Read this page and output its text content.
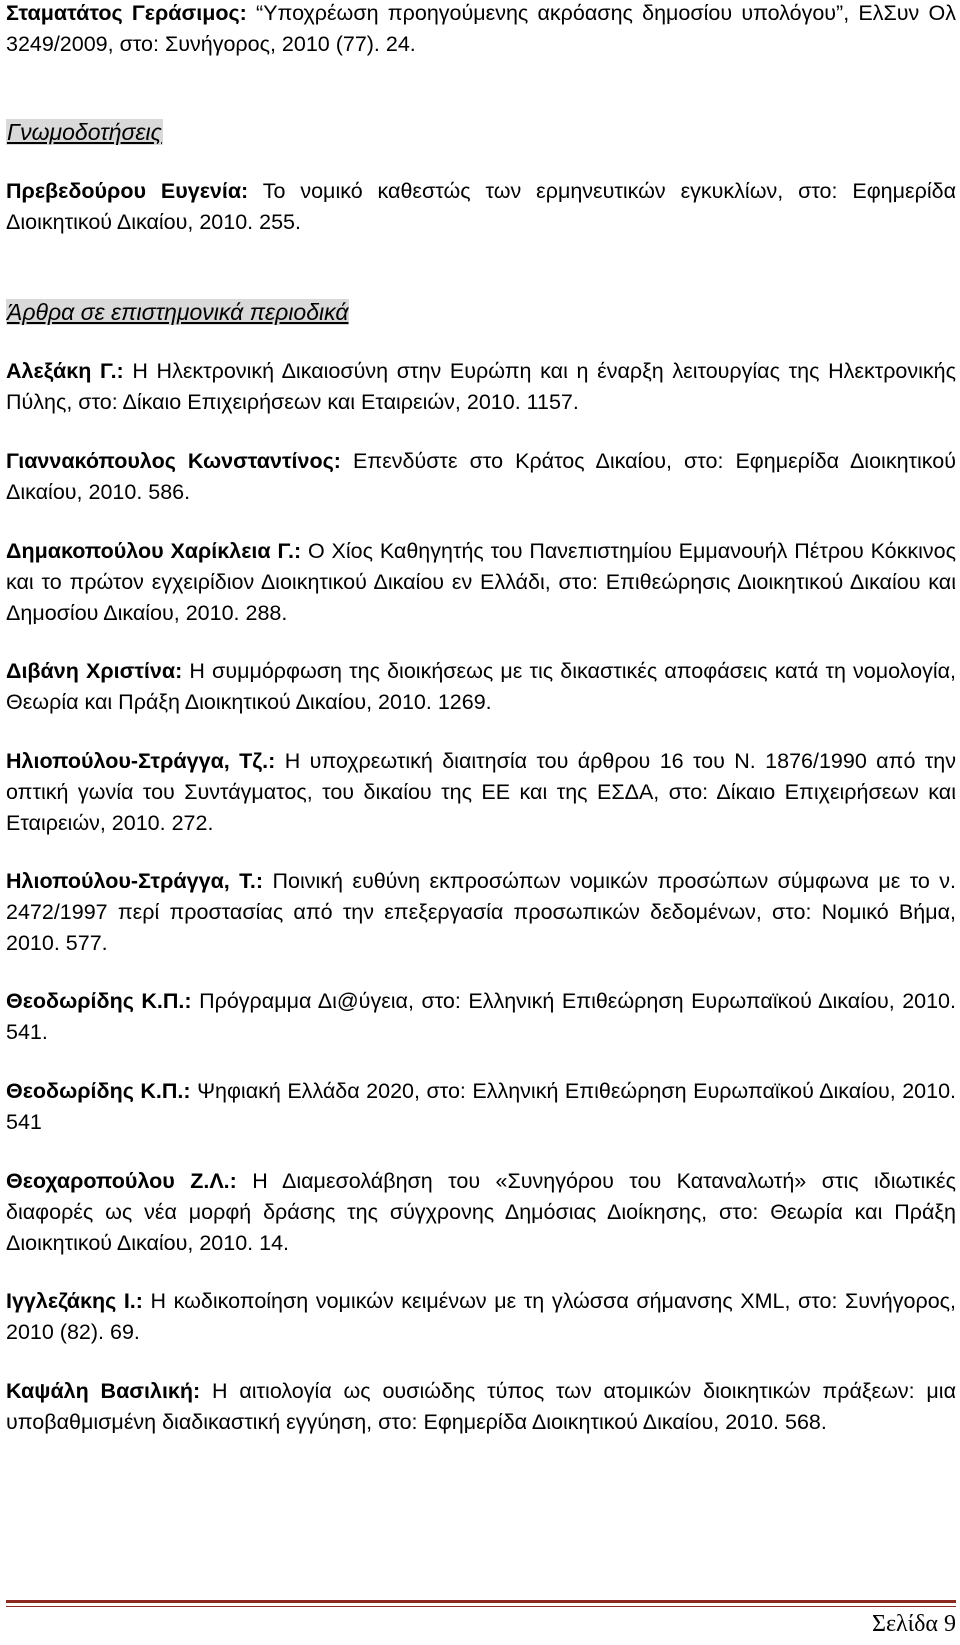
Σταματάτος Γεράσιμος: “Υποχρέωση προηγούμενης ακρόασης δημοσίου υπολόγου”, ΕλΣυν Ολ 3249/2009, στο: Συνήγορος, 2010 (77). 24.

Γνωμοδοτήσεις

Πρεβεδούρου Ευγενία: Το νομικό καθεστώς των ερμηνευτικών εγκυκλίων, στο: Εφημερίδα Διοικητικού Δικαίου, 2010. 255.

Άρθρα σε επιστημονικά περιοδικά

Αλεξάκη Γ.: Η Ηλεκτρονική Δικαιοσύνη στην Ευρώπη και η έναρξη λειτουργίας της Ηλεκτρονικής Πύλης, στο: Δίκαιο Επιχειρήσεων και Εταιρειών, 2010. 1157.

Γιαννακόπουλος Κωνσταντίνος: Επενδύστε στο Κράτος Δικαίου, στο: Εφημερίδα Διοικητικού Δικαίου, 2010. 586.

Δημακοπούλου Χαρίκλεια Γ.: Ο Χίος Καθηγητής του Πανεπιστημίου Εμμανουήλ Πέτρου Κόκκινος και το πρώτον εγχειρίδιον Διοικητικού Δικαίου εν Ελλάδι, στο: Επιθεώρησις Διοικητικού Δικαίου και Δημοσίου Δικαίου, 2010. 288.

Διβάνη Χριστίνα: Η συμμόρφωση της διοικήσεως με τις δικαστικές αποφάσεις κατά τη νομολογία, Θεωρία και Πράξη Διοικητικού Δικαίου, 2010. 1269.

Ηλιοπούλου-Στράγγα, Τζ.: Η υποχρεωτική διαιτησία του άρθρου 16 του Ν. 1876/1990 από την οπτική γωνία του Συντάγματος, του δικαίου της ΕΕ και της ΕΣΔΑ, στο: Δίκαιο Επιχειρήσεων και Εταιρειών, 2010. 272.

Ηλιοπούλου-Στράγγα, Τ.: Ποινική ευθύνη εκπροσώπων νομικών προσώπων σύμφωνα με το ν. 2472/1997 περί προστασίας από την επεξεργασία προσωπικών δεδομένων, στο: Νομικό Βήμα, 2010. 577.

Θεοδωρίδης Κ.Π.: Πρόγραμμα Δι@ύγεια, στο: Ελληνική Επιθεώρηση Ευρωπαϊκού Δικαίου, 2010. 541.

Θεοδωρίδης Κ.Π.: Ψηφιακή Ελλάδα 2020, στο: Ελληνική Επιθεώρηση Ευρωπαϊκού Δικαίου, 2010. 541

Θεοχαροπούλου Ζ.Λ.: Η Διαμεσολάβηση του «Συνηγόρου του Καταναλωτή» στις ιδιωτικές διαφορές ως νέα μορφή δράσης της σύγχρονης Δημόσιας Διοίκησης, στο: Θεωρία και Πράξη Διοικητικού Δικαίου, 2010. 14.

Ιγγλεζάκης Ι.: Η κωδικοποίηση νομικών κειμένων με τη γλώσσα σήμανσης XML, στο: Συνήγορος, 2010 (82). 69.

Καψάλη Βασιλική: Η αιτιολογία ως ουσιώδης τύπος των ατομικών διοικητικών πράξεων: μια υποβαθμισμένη διαδικαστική εγγύηση, στο: Εφημερίδα Διοικητικού Δικαίου, 2010. 568.

Σελίδα 9
